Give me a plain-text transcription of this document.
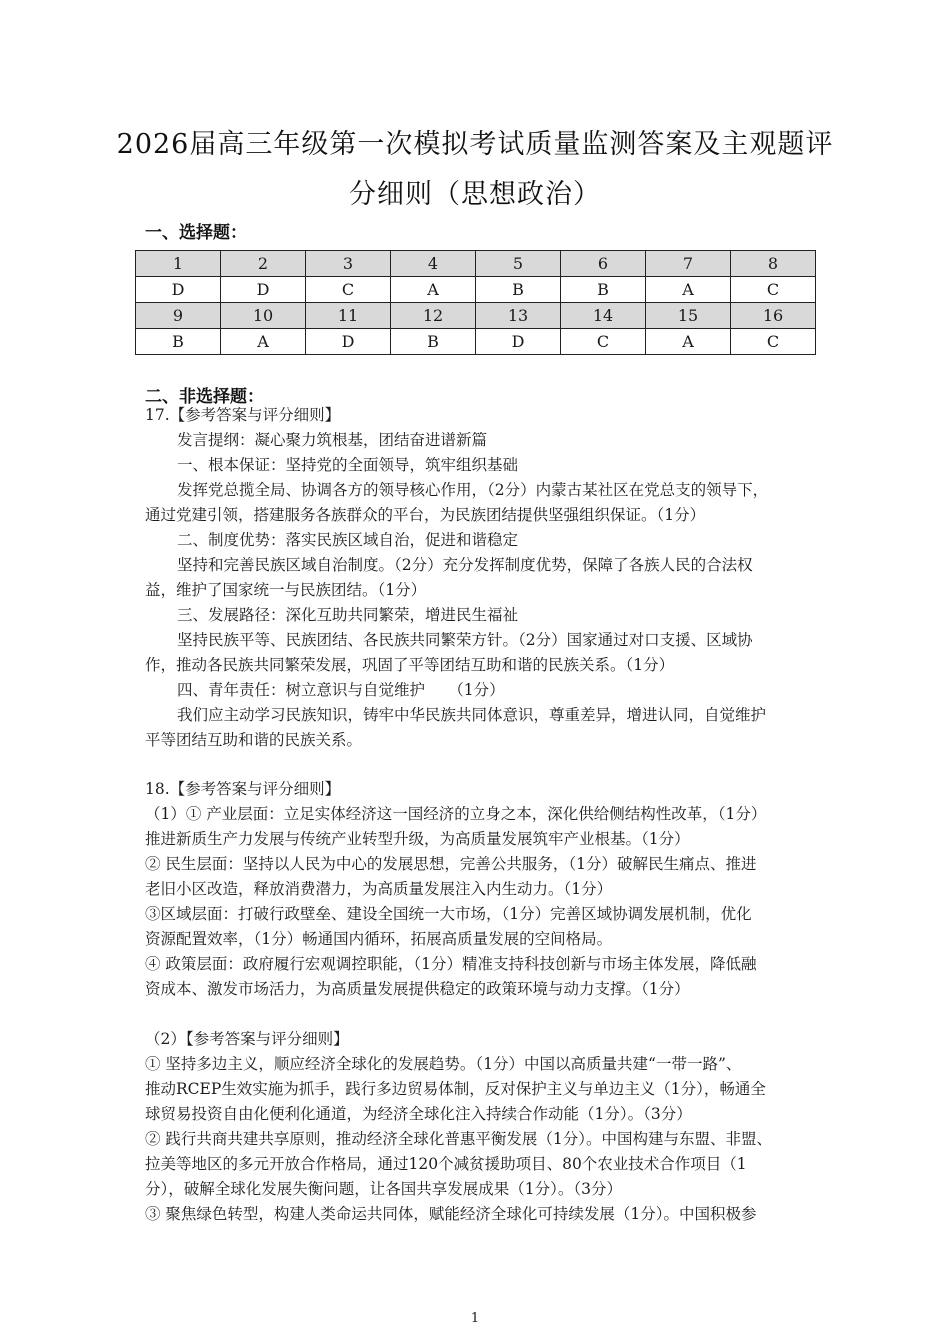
2026届高三年级第一次模拟考试质量监测答案及主观题评
分细则（思想政治）
一、选择题：
1	2	3	4	5	6	7	8
D	D	C	A	B	B	A	C
9	10	11	12	13	14	15	16
B	A	D	B	D	C	A	C
二、非选择题：
17.【参考答案与评分细则】
发言提纲：凝心聚力筑根基，团结奋进谱新篇
一、根本保证：坚持党的全面领导，筑牢组织基础
发挥党总揽全局、协调各方的领导核心作用，（2分）内蒙古某社区在党总支的领导下，
通过党建引领，搭建服务各族群众的平台，为民族团结提供坚强组织保证。（1分）
二、制度优势：落实民族区域自治，促进和谐稳定
坚持和完善民族区域自治制度。（2分）充分发挥制度优势，保障了各族人民的合法权
益，维护了国家统一与民族团结。（1分）
三、发展路径：深化互助共同繁荣，增进民生福祉
坚持民族平等、民族团结、各民族共同繁荣方针。（2分）国家通过对口支援、区域协
作，推动各民族共同繁荣发展，巩固了平等团结互助和谐的民族关系。（1分）
四、青年责任：树立意识与自觉维护　　（1分）
我们应主动学习民族知识，铸牢中华民族共同体意识，尊重差异，增进认同，自觉维护
平等团结互助和谐的民族关系。
18.【参考答案与评分细则】
（1）① 产业层面：立足实体经济这一国经济的立身之本，深化供给侧结构性改革，（1分）
推进新质生产力发展与传统产业转型升级，为高质量发展筑牢产业根基。（1分）
② 民生层面：坚持以人民为中心的发展思想，完善公共服务，（1分）破解民生痛点、推进
老旧小区改造，释放消费潜力，为高质量发展注入内生动力。（1分）
③区域层面：打破行政壁垒、建设全国统一大市场，（1分）完善区域协调发展机制，优化
资源配置效率，（1分）畅通国内循环，拓展高质量发展的空间格局。
④ 政策层面：政府履行宏观调控职能，（1分）精准支持科技创新与市场主体发展，降低融
资成本、激发市场活力，为高质量发展提供稳定的政策环境与动力支撑。（1分）
（2）【参考答案与评分细则】
① 坚持多边主义，顺应经济全球化的发展趋势。（1分）中国以高质量共建“一带一路”、
推动RCEP生效实施为抓手，践行多边贸易体制，反对保护主义与单边主义（1分），畅通全
球贸易投资自由化便利化通道，为经济全球化注入持续合作动能（1分）。（3分）
② 践行共商共建共享原则，推动经济全球化普惠平衡发展（1分）。中国构建与东盟、非盟、
拉美等地区的多元开放合作格局，通过120个减贫援助项目、80个农业技术合作项目（1
分），破解全球化发展失衡问题，让各国共享发展成果（1分）。（3分）
③ 聚焦绿色转型，构建人类命运共同体，赋能经济全球化可持续发展（1分）。中国积极参
1
